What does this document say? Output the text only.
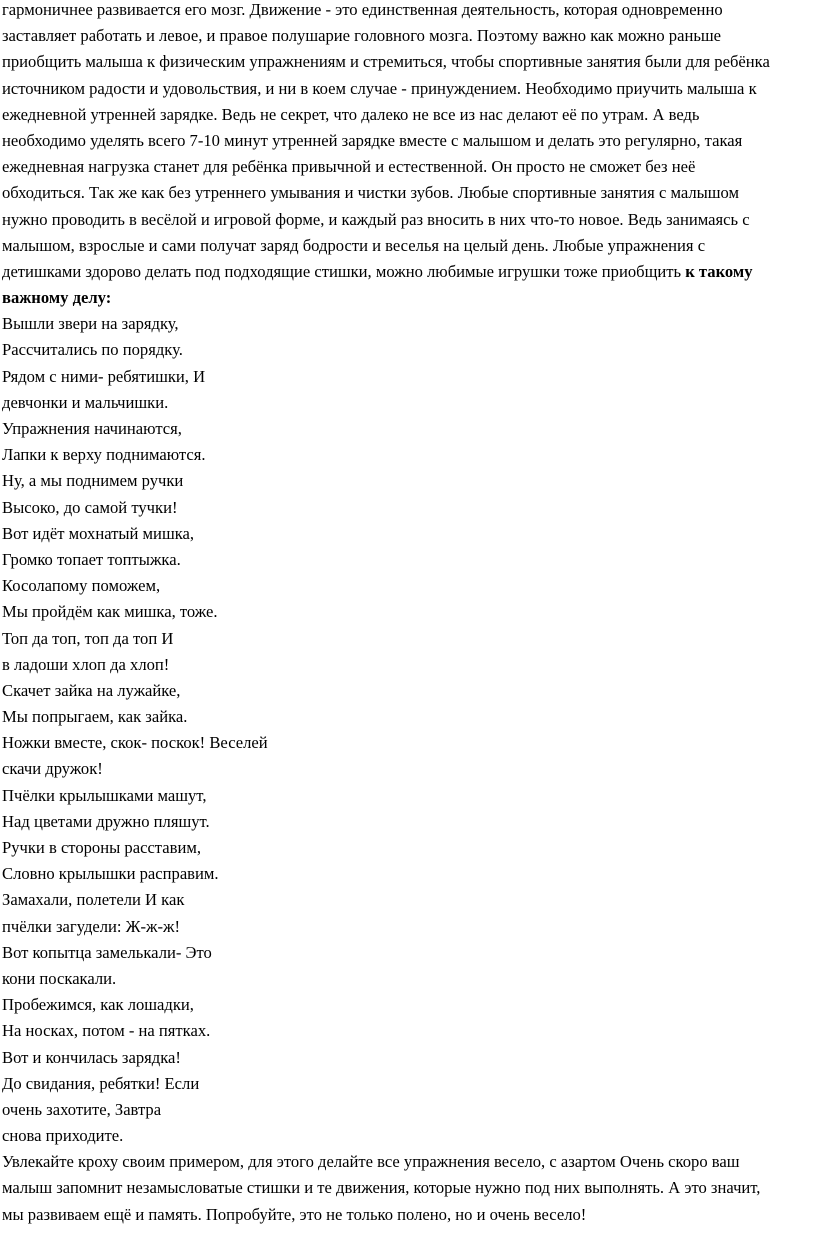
гармоничнее развивается его мозг. Движение - это единственная деятельность, которая одновременно
заставляет работать и левое, и правое полушарие головного мозга. Поэтому важно как можно раньше
приобщить малыша к физическим упражнениям и стремиться, чтобы спортивные занятия были для ребёнка
источником радости и удовольствия, и ни в коем случае - принуждением. Необходимо приучить малыша к
ежедневной утренней зарядке. Ведь не секрет, что далеко не все из нас делают её по утрам. А ведь
необходимо уделять всего 7-10 минут утренней зарядке вместе с малышом и делать это регулярно, такая
ежедневная нагрузка станет для ребёнка привычной и естественной. Он просто не сможет без неё
обходиться. Так же как без утреннего умывания и чистки зубов. Любые спортивные занятия с малышом
нужно проводить в весёлой и игровой форме, и каждый раз вносить в них что-то новое. Ведь занимаясь с
малышом, взрослые и сами получат заряд бодрости и веселья на целый день. Любые упражнения с
детишками здорово делать под подходящие стишки, можно любимые игрушки тоже приобщить к такому
важному делу:
Вышли звери на зарядку,
Рассчитались по порядку.
Рядом с ними- ребятишки, И
девчонки и мальчишки.
Упражнения начинаются,
Лапки к верху поднимаются.
Ну, а мы поднимем ручки
Высоко, до самой тучки!
Вот идёт мохнатый мишка,
Громко топает топтыжка.
Косолапому поможем,
Мы пройдём как мишка, тоже.
Топ да топ, топ да топ И
в ладоши хлоп да хлоп!
Скачет зайка на лужайке,
Мы попрыгаем, как зайка.
Ножки вместе, скок- поскок! Веселей
скачи дружок!
Пчёлки крылышками машут,
Над цветами дружно пляшут.
Ручки в стороны расставим,
Словно крылышки расправим.
Замахали, полетели И как
пчёлки загудели: Ж-ж-ж!
Вот копытца замелькали- Это
кони поскакали.
Пробежимся, как лошадки,
На носках, потом - на пятках.
Вот и кончилась зарядка!
До свидания, ребятки! Если
очень захотите, Завтра
снова приходите.
Увлекайте кроху своим примером, для этого делайте все упражнения весело, с азартом Очень скоро ваш
малыш запомнит незамысловатые стишки и те движения, которые нужно под них выполнять. А это значит,
мы развиваем ещё и память. Попробуйте, это не только полено, но и очень весело!
